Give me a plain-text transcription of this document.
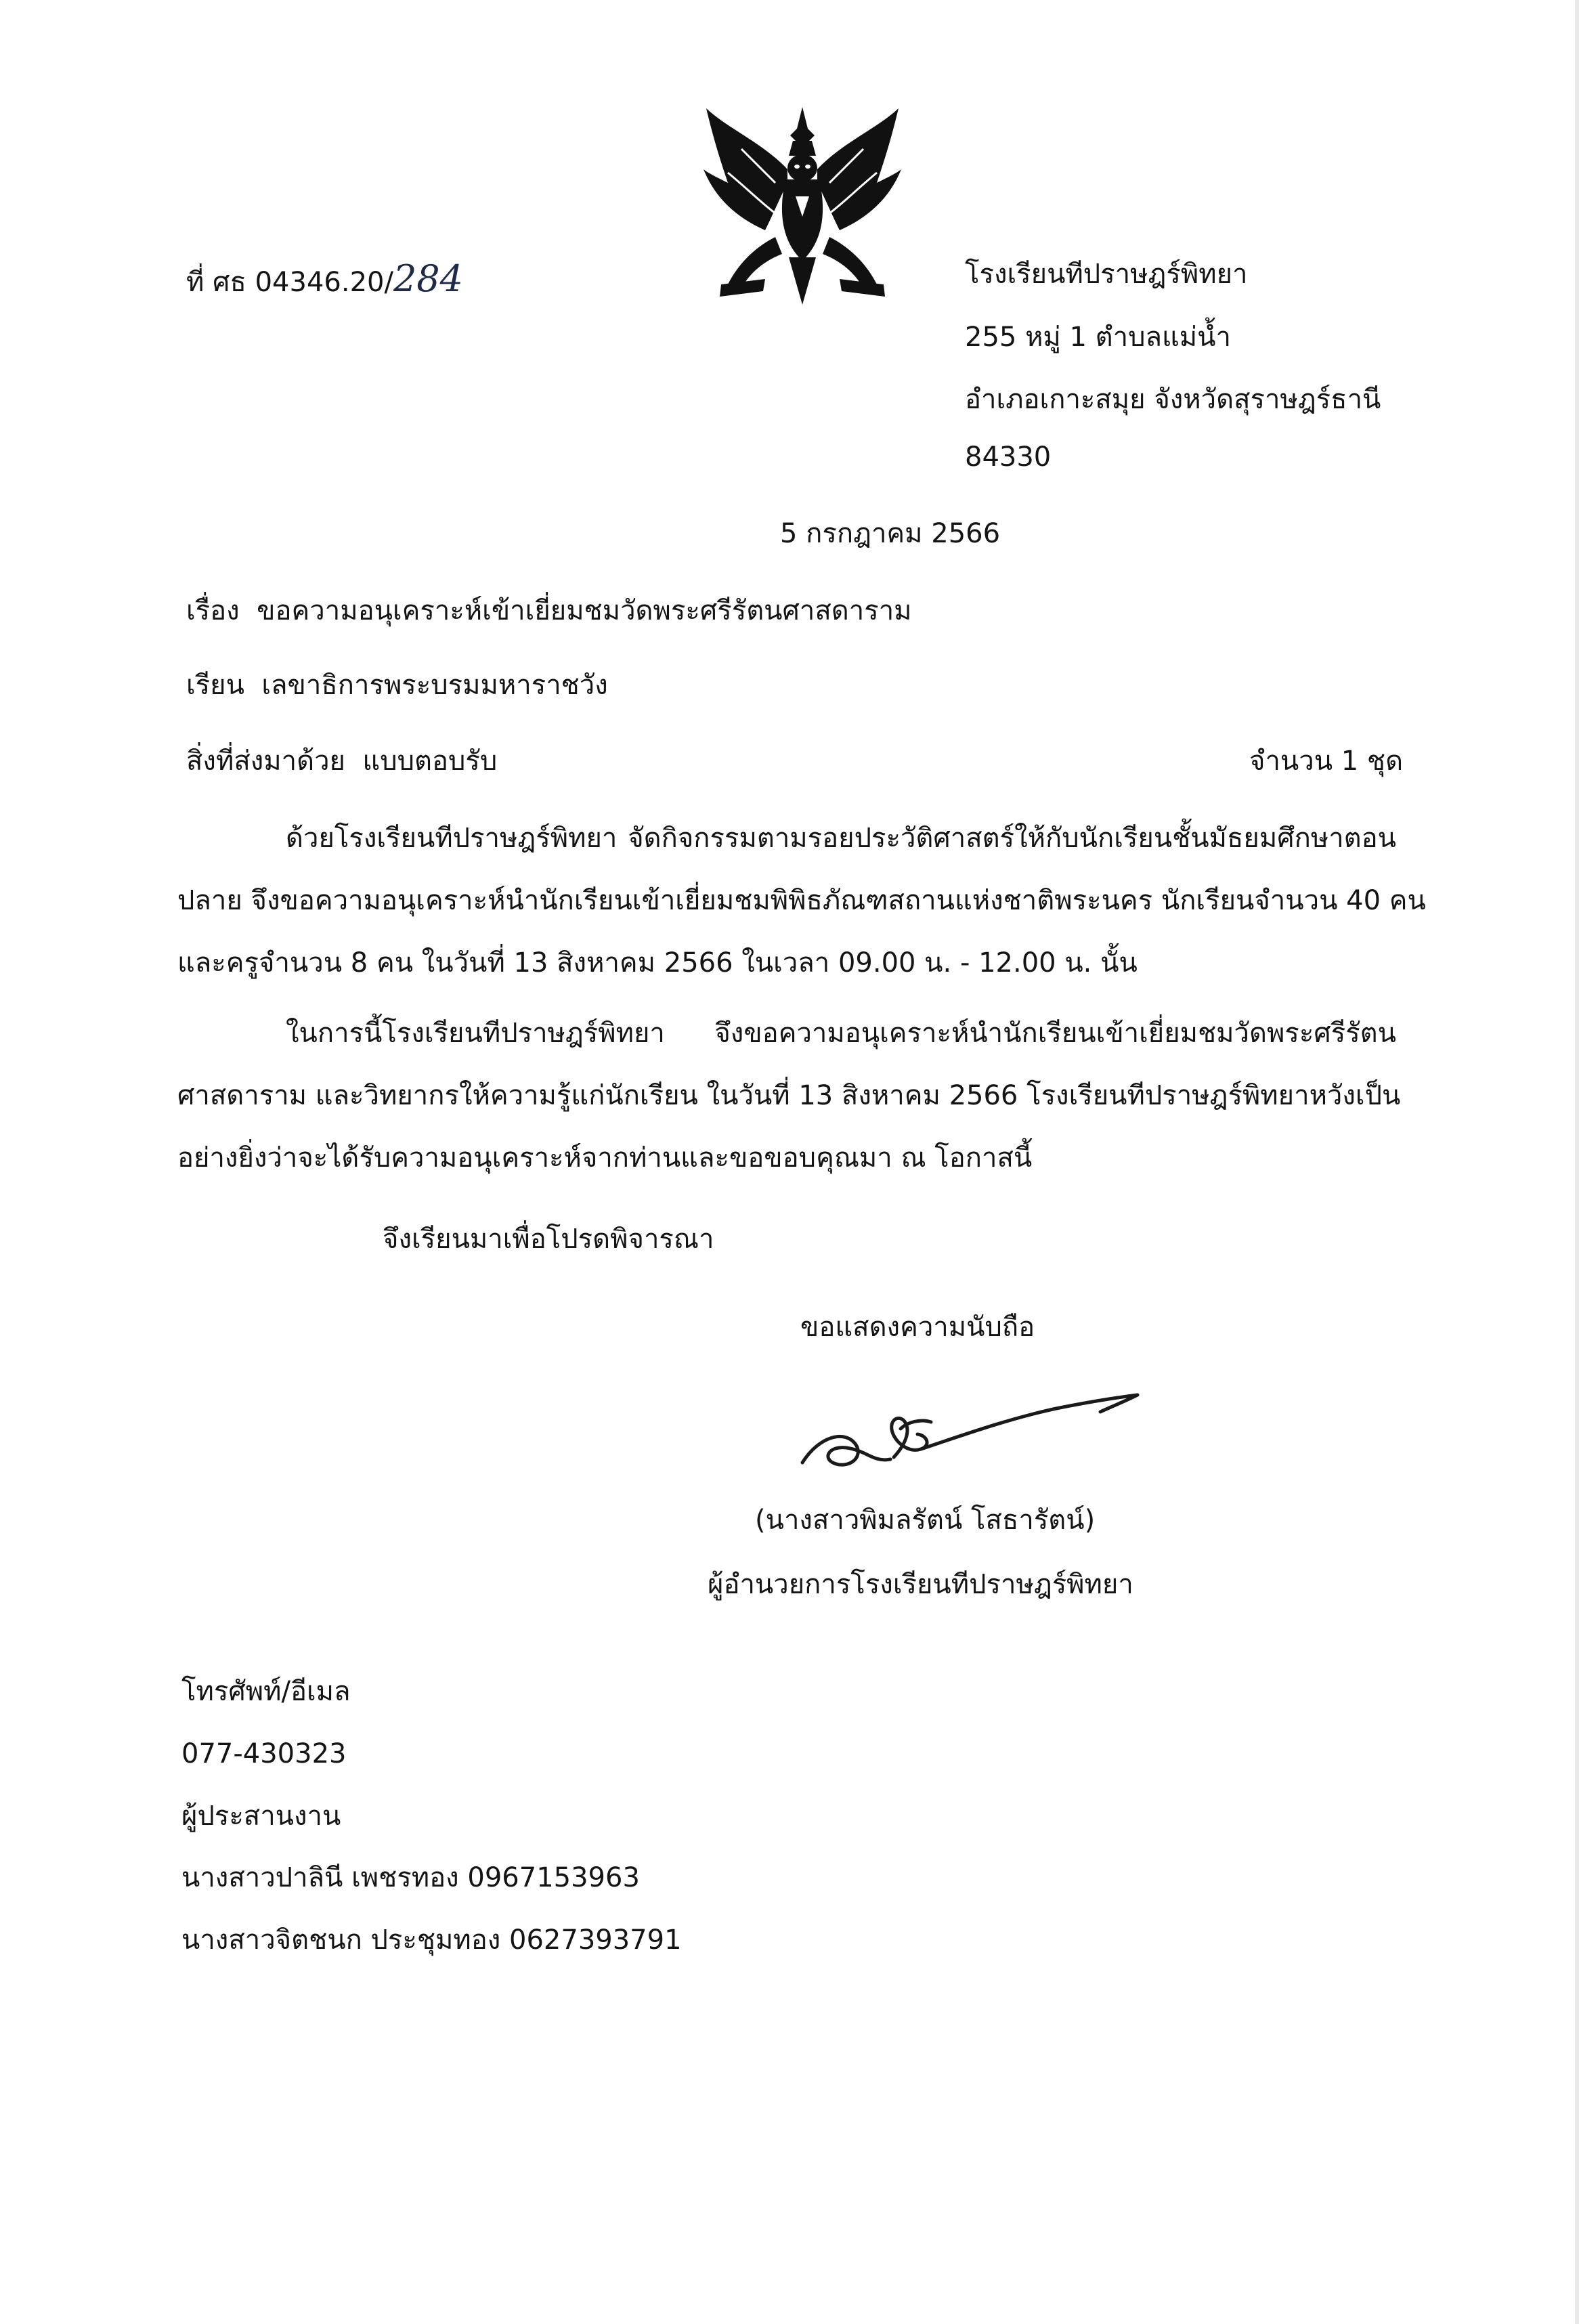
ที่ ศธ 04346.20/284	โรงเรียนทีปราษฎร์พิทยา
255 หมู่ 1 ตำบลแม่น้ำ
อำเภอเกาะสมุย จังหวัดสุราษฎร์ธานี
84330
5 กรกฎาคม 2566
เรื่อง ขอความอนุเคราะห์เข้าเยี่ยมชมวัดพระศรีรัตนศาสดาราม
เรียน เลขาธิการพระบรมมหาราชวัง
สิ่งที่ส่งมาด้วย แบบตอบรับ	จำนวน 1 ชุด
ด้วยโรงเรียนทีปราษฎร์พิทยา จัดกิจกรรมตามรอยประวัติศาสตร์ให้กับนักเรียนชั้นมัธยมศึกษาตอน
ปลาย จึงขอความอนุเคราะห์นำนักเรียนเข้าเยี่ยมชมพิพิธภัณฑสถานแห่งชาติพระนคร นักเรียนจำนวน 40 คน
และครูจำนวน 8 คน ในวันที่ 13 สิงหาคม 2566 ในเวลา 09.00 น. - 12.00 น. นั้น
ในการนี้โรงเรียนทีปราษฎร์พิทยา จึงขอความอนุเคราะห์นำนักเรียนเข้าเยี่ยมชมวัดพระศรีรัตน
ศาสดาราม และวิทยากรให้ความรู้แก่นักเรียน ในวันที่ 13 สิงหาคม 2566 โรงเรียนทีปราษฎร์พิทยาหวังเป็น
อย่างยิ่งว่าจะได้รับความอนุเคราะห์จากท่านและขอขอบคุณมา ณ โอกาสนี้
จึงเรียนมาเพื่อโปรดพิจารณา
ขอแสดงความนับถือ
(นางสาวพิมลรัตน์ โสธารัตน์)
ผู้อำนวยการโรงเรียนทีปราษฎร์พิทยา
โทรศัพท์/อีเมล
077-430323
ผู้ประสานงาน
นางสาวปาลินี เพชรทอง 0967153963
นางสาวจิตชนก ประชุมทอง 0627393791
